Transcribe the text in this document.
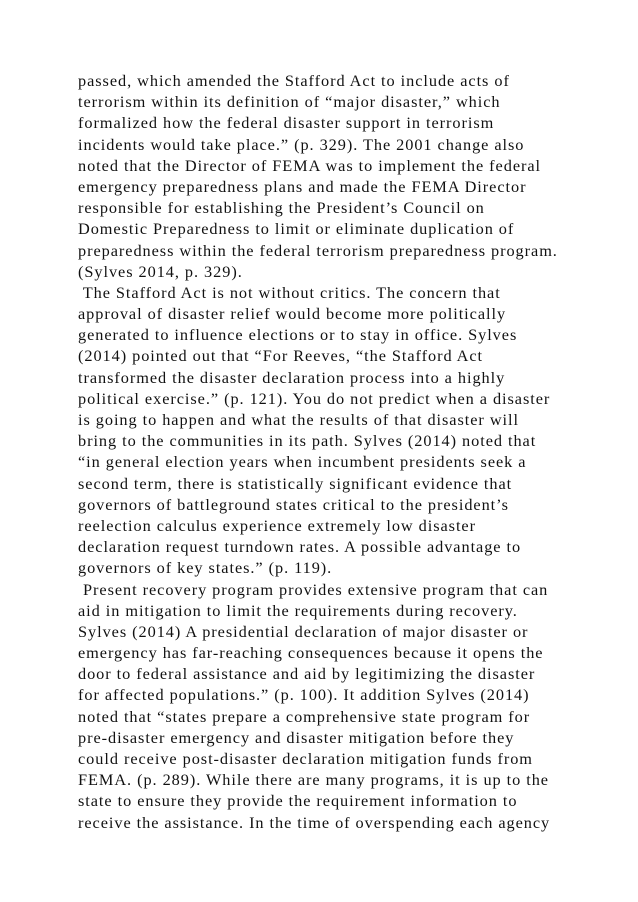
passed, which amended the Stafford Act to include acts of
terrorism within its definition of “major disaster,” which
formalized how the federal disaster support in terrorism
incidents would take place.” (p. 329). The 2001 change also
noted that the Director of FEMA was to implement the federal
emergency preparedness plans and made the FEMA Director
responsible for establishing the President’s Council on
Domestic Preparedness to limit or eliminate duplication of
preparedness within the federal terrorism preparedness program.
(Sylves 2014, p. 329).
The Stafford Act is not without critics. The concern that
approval of disaster relief would become more politically
generated to influence elections or to stay in office. Sylves
(2014) pointed out that “For Reeves, “the Stafford Act
transformed the disaster declaration process into a highly
political exercise.” (p. 121). You do not predict when a disaster
is going to happen and what the results of that disaster will
bring to the communities in its path. Sylves (2014) noted that
“in general election years when incumbent presidents seek a
second term, there is statistically significant evidence that
governors of battleground states critical to the president’s
reelection calculus experience extremely low disaster
declaration request turndown rates. A possible advantage to
governors of key states.” (p. 119).
Present recovery program provides extensive program that can
aid in mitigation to limit the requirements during recovery.
Sylves (2014) A presidential declaration of major disaster or
emergency has far-reaching consequences because it opens the
door to federal assistance and aid by legitimizing the disaster
for affected populations.” (p. 100). It addition Sylves (2014)
noted that “states prepare a comprehensive state program for
pre-disaster emergency and disaster mitigation before they
could receive post-disaster declaration mitigation funds from
FEMA. (p. 289). While there are many programs, it is up to the
state to ensure they provide the requirement information to
receive the assistance. In the time of overspending each agency
